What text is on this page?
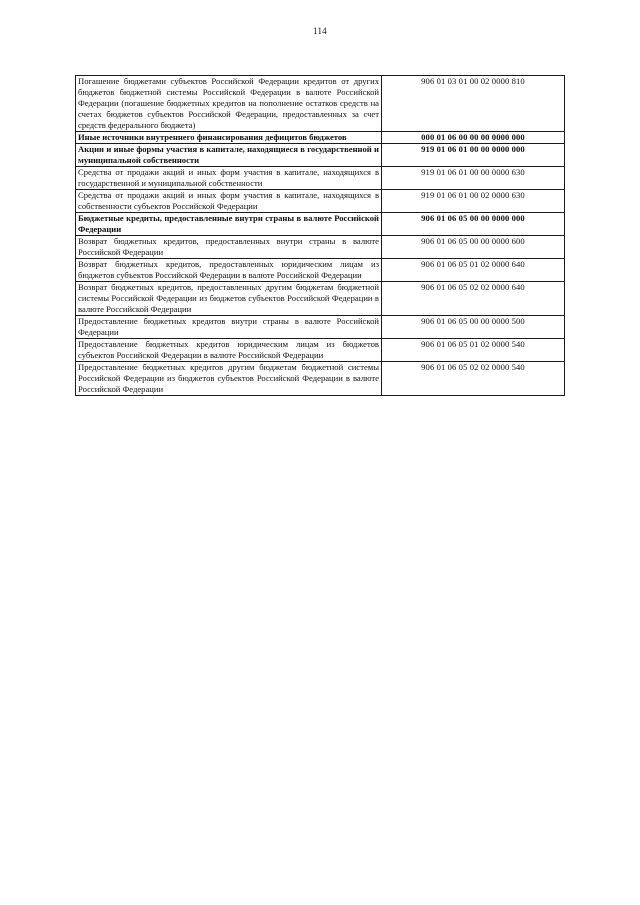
114
Погашение бюджетами субъектов Российской Федерации кредитов от других бюджетов бюджетной системы Российской Федерации в валюте Российской Федерации (погашение бюджетных кредитов на пополнение остатков средств на счетах бюджетов субъектов Российской Федерации, предоставленных за счет средств федерального бюджета)	906 01 03 01 00 02 0000 810
Иные источники внутреннего финансирования дефицитов бюджетов	000 01 06 00 00 00 0000 000
Акции и иные формы участия в капитале, находящиеся в государственной и муниципальной собственности	919 01 06 01 00 00 0000 000
Средства от продажи акций и иных форм участия в капитале, находящихся в государственной и муниципальной собственности	919 01 06 01 00 00 0000 630
Средства от продажи акций и иных форм участия в капитале, находящихся в собственности субъектов Российской Федерации	919 01 06 01 00 02 0000 630
Бюджетные кредиты, предоставленные внутри страны в валюте Российской Федерации	906 01 06 05 00 00 0000 000
Возврат бюджетных кредитов, предоставленных внутри страны в валюте Российской Федерации	906 01 06 05 00 00 0000 600
Возврат бюджетных кредитов, предоставленных юридическим лицам из бюджетов субъектов Российской Федерации в валюте Российской Федерации	906 01 06 05 01 02 0000 640
Возврат бюджетных кредитов, предоставленных другим бюджетам бюджетной системы Российской Федерации из бюджетов субъектов Российской Федерации в валюте Российской Федерации	906 01 06 05 02 02 0000 640
Предоставление бюджетных кредитов внутри страны в валюте Российской Федерации	906 01 06 05 00 00 0000 500
Предоставление бюджетных кредитов юридическим лицам из бюджетов субъектов Российской Федерации в валюте Российской Федерации	906 01 06 05 01 02 0000 540
Предоставление бюджетных кредитов другим бюджетам бюджетной системы Российской Федерации из бюджетов субъектов Российской Федерации в валюте Российской Федерации	906 01 06 05 02 02 0000 540
